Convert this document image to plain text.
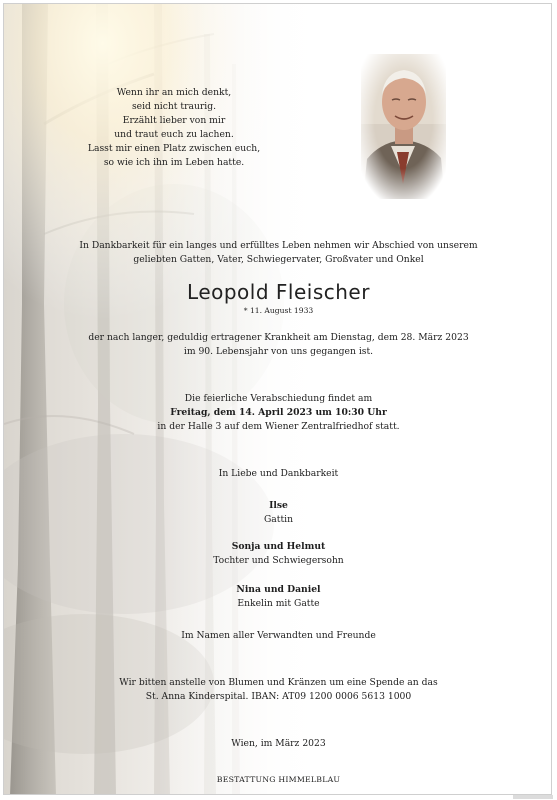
Wenn ihr an mich denkt,
seid nicht traurig.
Erzählt lieber von mir
und traut euch zu lachen.
Lasst mir einen Platz zwischen euch,
so wie ich ihn im Leben hatte.
In Dankbarkeit für ein langes und erfülltes Leben nehmen wir Abschied von unserem
geliebten Gatten, Vater, Schwiegervater, Großvater und Onkel
Leopold Fleischer
* 11. August 1933
der nach langer, geduldig ertragener Krankheit am Dienstag, dem 28. März 2023
im 90. Lebensjahr von uns gegangen ist.
Die feierliche Verabschiedung findet am
Freitag, dem 14. April 2023 um 10:30 Uhr
in der Halle 3 auf dem Wiener Zentralfriedhof statt.
In Liebe und Dankbarkeit
Ilse
Gattin
Sonja und Helmut
Tochter und Schwiegersohn
Nina und Daniel
Enkelin mit Gatte
Im Namen aller Verwandten und Freunde
Wir bitten anstelle von Blumen und Kränzen um eine Spende an das
St. Anna Kinderspital. IBAN: AT09 1200 0006 5613 1000
Wien, im März 2023
BESTATTUNG HIMMELBLAU
